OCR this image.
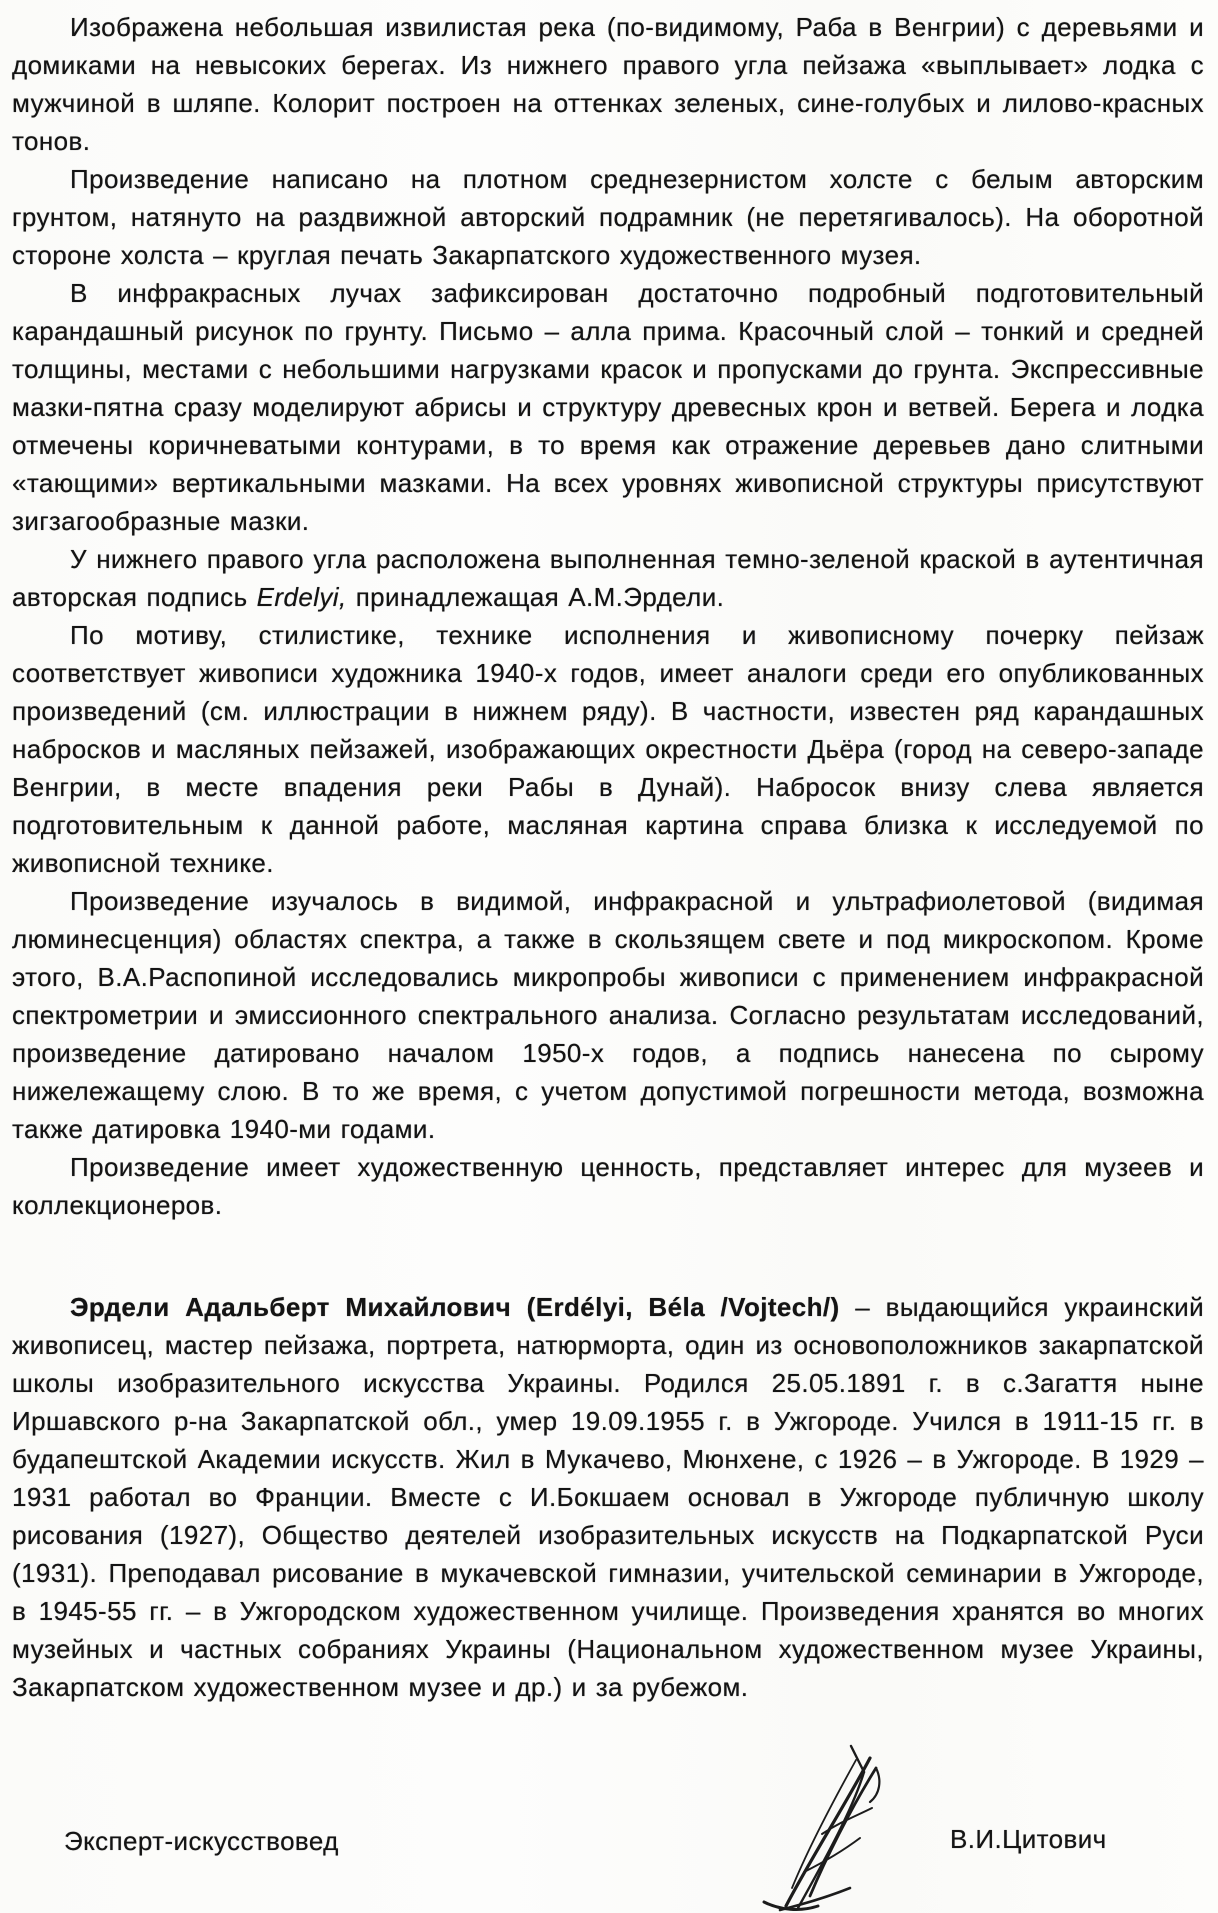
Изображена небольшая извилистая река (по-видимому, Раба в Венгрии) с деревьями и домиками на невысоких берегах. Из нижнего правого угла пейзажа «выплывает» лодка с мужчиной в шляпе. Колорит построен на оттенках зеленых, сине-голубых и лилово-красных тонов.

Произведение написано на плотном среднезернистом холсте с белым авторским грунтом, натянуто на раздвижной авторский подрамник (не перетягивалось). На оборотной стороне холста – круглая печать Закарпатского художественного музея.

В инфракрасных лучах зафиксирован достаточно подробный подготовительный карандашный рисунок по грунту. Письмо – алла прима. Красочный слой – тонкий и средней толщины, местами с небольшими нагрузками красок и пропусками до грунта. Экспрессивные мазки-пятна сразу моделируют абрисы и структуру древесных крон и ветвей. Берега и лодка отмечены коричневатыми контурами, в то время как отражение деревьев дано слитными «тающими» вертикальными мазками. На всех уровнях живописной структуры присутствуют зигзагообразные мазки.

У нижнего правого угла расположена выполненная темно-зеленой краской в аутентичная авторская подпись Erdelyi, принадлежащая А.М.Эрдели.

По мотиву, стилистике, технике исполнения и живописному почерку пейзаж соответствует живописи художника 1940-х годов, имеет аналоги среди его опубликованных произведений (см. иллюстрации в нижнем ряду). В частности, известен ряд карандашных набросков и масляных пейзажей, изображающих окрестности Дьёра (город на северо-западе Венгрии, в месте впадения реки Рабы в Дунай). Набросок внизу слева является подготовительным к данной работе, масляная картина справа близка к исследуемой по живописной технике.

Произведение изучалось в видимой, инфракрасной и ультрафиолетовой (видимая люминесценция) областях спектра, а также в скользящем свете и под микроскопом. Кроме этого, В.А.Распопиной исследовались микропробы живописи с применением инфракрасной спектрометрии и эмиссионного спектрального анализа. Согласно результатам исследований, произведение датировано началом 1950-х годов, а подпись нанесена по сырому нижележащему слою. В то же время, с учетом допустимой погрешности метода, возможна также датировка 1940-ми годами.

Произведение имеет художественную ценность, представляет интерес для музеев и коллекционеров.

Эрдели Адальберт Михайлович (Erdélyi, Béla /Vojtech/) – выдающийся украинский живописец, мастер пейзажа, портрета, натюрморта, один из основоположников закарпатской школы изобразительного искусства Украины. Родился 25.05.1891 г. в с.Загаття ныне Иршавского р-на Закарпатской обл., умер 19.09.1955 г. в Ужгороде. Учился в 1911-15 гг. в будапештской Академии искусств. Жил в Мукачево, Мюнхене, с 1926 – в Ужгороде. В 1929 – 1931 работал во Франции. Вместе с И.Бокшаем основал в Ужгороде публичную школу рисования (1927), Общество деятелей изобразительных искусств на Подкарпатской Руси (1931). Преподавал рисование в мукачевской гимназии, учительской семинарии в Ужгороде, в 1945-55 гг. – в Ужгородском художественном училище. Произведения хранятся во многих музейных и частных собраниях Украины (Национальном художественном музее Украины, Закарпатском художественном музее и др.) и за рубежом.

Эксперт-искусствовед	В.И.Цитович
